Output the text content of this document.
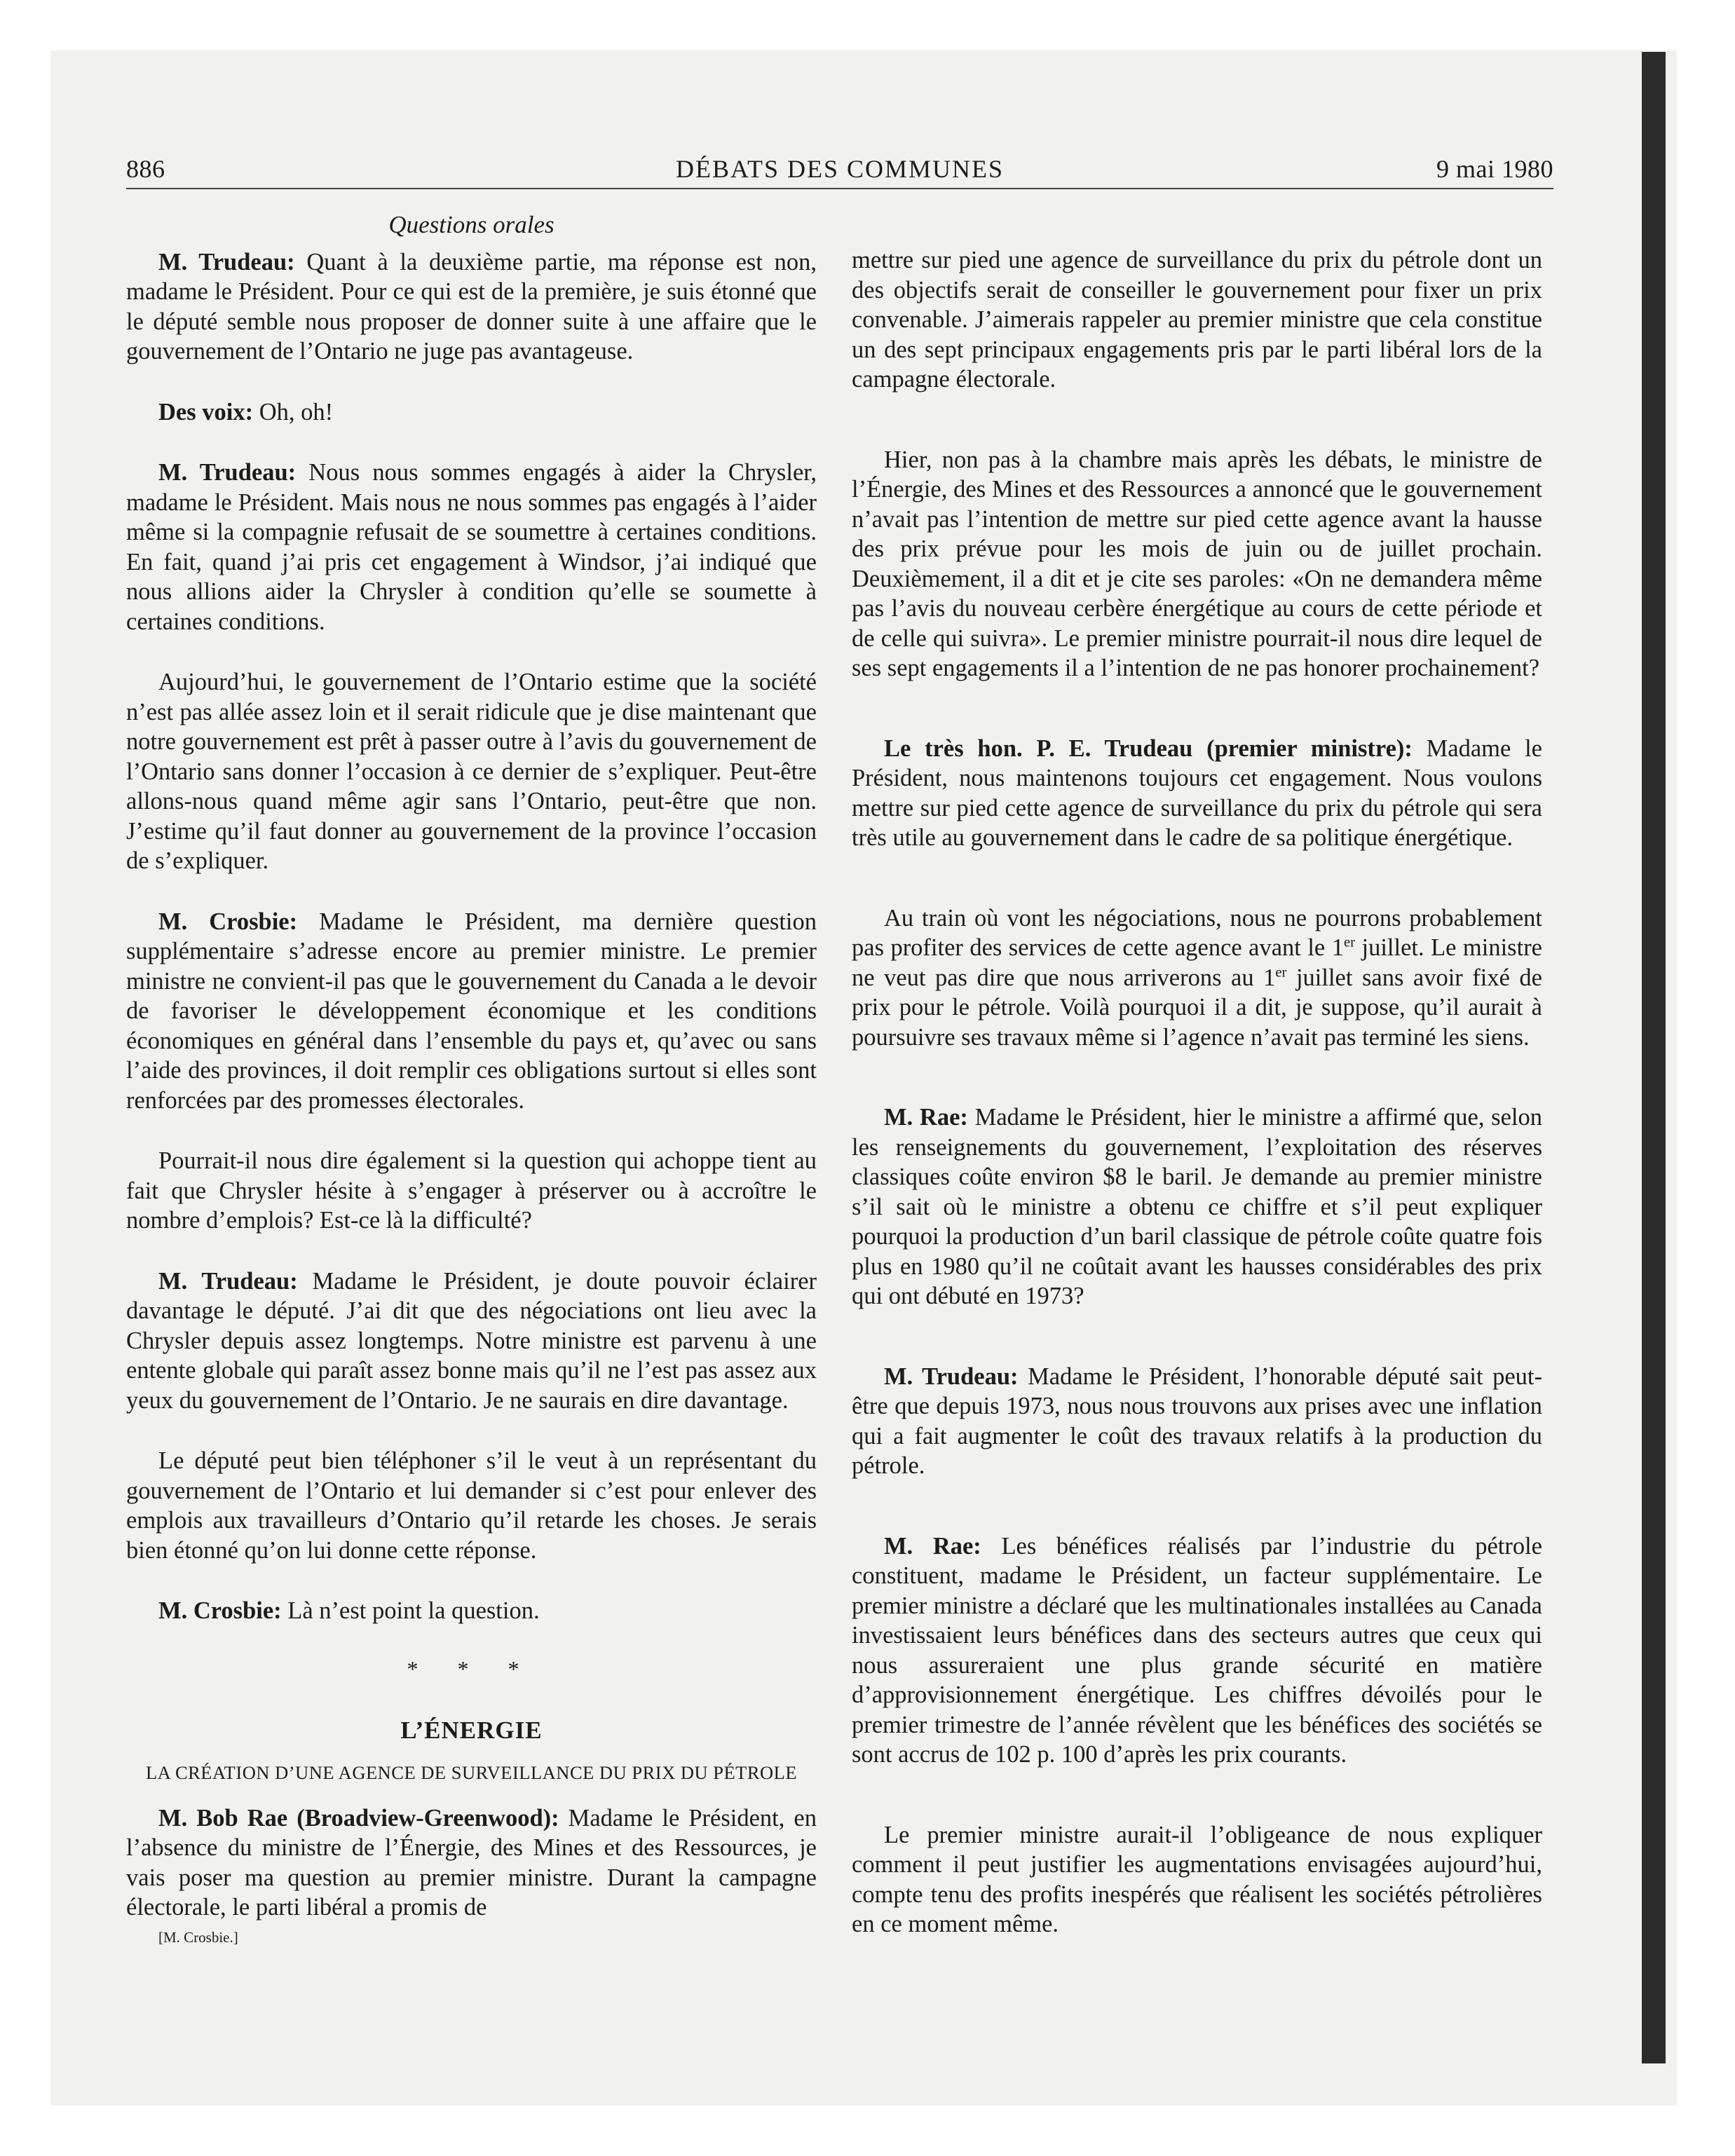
886	DÉBATS DES COMMUNES	9 mai 1980
Questions orales

M. Trudeau: Quant à la deuxième partie, ma réponse est non, madame le Président. Pour ce qui est de la première, je suis étonné que le député semble nous proposer de donner suite à une affaire que le gouvernement de l’Ontario ne juge pas avantageuse.

Des voix: Oh, oh!

M. Trudeau: Nous nous sommes engagés à aider la Chrysler, madame le Président. Mais nous ne nous sommes pas engagés à l’aider même si la compagnie refusait de se soumettre à certaines conditions. En fait, quand j’ai pris cet engagement à Windsor, j’ai indiqué que nous allions aider la Chrysler à condition qu’elle se soumette à certaines conditions.

Aujourd’hui, le gouvernement de l’Ontario estime que la société n’est pas allée assez loin et il serait ridicule que je dise maintenant que notre gouvernement est prêt à passer outre à l’avis du gouvernement de l’Ontario sans donner l’occasion à ce dernier de s’expliquer. Peut-être allons-nous quand même agir sans l’Ontario, peut-être que non. J’estime qu’il faut donner au gouvernement de la province l’occasion de s’expliquer.

M. Crosbie: Madame le Président, ma dernière question supplémentaire s’adresse encore au premier ministre. Le premier ministre ne convient-il pas que le gouvernement du Canada a le devoir de favoriser le développement économique et les conditions économiques en général dans l’ensemble du pays et, qu’avec ou sans l’aide des provinces, il doit remplir ces obligations surtout si elles sont renforcées par des promesses électorales.

Pourrait-il nous dire également si la question qui achoppe tient au fait que Chrysler hésite à s’engager à préserver ou à accroître le nombre d’emplois? Est-ce là la difficulté?

M. Trudeau: Madame le Président, je doute pouvoir éclairer davantage le député. J’ai dit que des négociations ont lieu avec la Chrysler depuis assez longtemps. Notre ministre est parvenu à une entente globale qui paraît assez bonne mais qu’il ne l’est pas assez aux yeux du gouvernement de l’Ontario. Je ne saurais en dire davantage.

Le député peut bien téléphoner s’il le veut à un représentant du gouvernement de l’Ontario et lui demander si c’est pour enlever des emplois aux travailleurs d’Ontario qu’il retarde les choses. Je serais bien étonné qu’on lui donne cette réponse.

M. Crosbie: Là n’est point la question.

* * *
L’ÉNERGIE
LA CRÉATION D’UNE AGENCE DE SURVEILLANCE DU PRIX DU PÉTROLE

M. Bob Rae (Broadview-Greenwood): Madame le Président, en l’absence du ministre de l’Énergie, des Mines et des Ressources, je vais poser ma question au premier ministre. Durant la campagne électorale, le parti libéral a promis de

[M. Crosbie.]

mettre sur pied une agence de surveillance du prix du pétrole dont un des objectifs serait de conseiller le gouvernement pour fixer un prix convenable. J’aimerais rappeler au premier ministre que cela constitue un des sept principaux engagements pris par le parti libéral lors de la campagne électorale.

Hier, non pas à la chambre mais après les débats, le ministre de l’Énergie, des Mines et des Ressources a annoncé que le gouvernement n’avait pas l’intention de mettre sur pied cette agence avant la hausse des prix prévue pour les mois de juin ou de juillet prochain. Deuxièmement, il a dit et je cite ses paroles: «On ne demandera même pas l’avis du nouveau cerbère énergétique au cours de cette période et de celle qui suivra». Le premier ministre pourrait-il nous dire lequel de ses sept engagements il a l’intention de ne pas honorer prochainement?

Le très hon. P. E. Trudeau (premier ministre): Madame le Président, nous maintenons toujours cet engagement. Nous voulons mettre sur pied cette agence de surveillance du prix du pétrole qui sera très utile au gouvernement dans le cadre de sa politique énergétique.

Au train où vont les négociations, nous ne pourrons probablement pas profiter des services de cette agence avant le 1er juillet. Le ministre ne veut pas dire que nous arriverons au 1er juillet sans avoir fixé de prix pour le pétrole. Voilà pourquoi il a dit, je suppose, qu’il aurait à poursuivre ses travaux même si l’agence n’avait pas terminé les siens.

M. Rae: Madame le Président, hier le ministre a affirmé que, selon les renseignements du gouvernement, l’exploitation des réserves classiques coûte environ $8 le baril. Je demande au premier ministre s’il sait où le ministre a obtenu ce chiffre et s’il peut expliquer pourquoi la production d’un baril classique de pétrole coûte quatre fois plus en 1980 qu’il ne coûtait avant les hausses considérables des prix qui ont débuté en 1973?

M. Trudeau: Madame le Président, l’honorable député sait peut-être que depuis 1973, nous nous trouvons aux prises avec une inflation qui a fait augmenter le coût des travaux relatifs à la production du pétrole.

M. Rae: Les bénéfices réalisés par l’industrie du pétrole constituent, madame le Président, un facteur supplémentaire. Le premier ministre a déclaré que les multinationales installées au Canada investissaient leurs bénéfices dans des secteurs autres que ceux qui nous assureraient une plus grande sécurité en matière d’approvisionnement énergétique. Les chiffres dévoilés pour le premier trimestre de l’année révèlent que les bénéfices des sociétés se sont accrus de 102 p. 100 d’après les prix courants.

Le premier ministre aurait-il l’obligeance de nous expliquer comment il peut justifier les augmentations envisagées aujourd’hui, compte tenu des profits inespérés que réalisent les sociétés pétrolières en ce moment même.
